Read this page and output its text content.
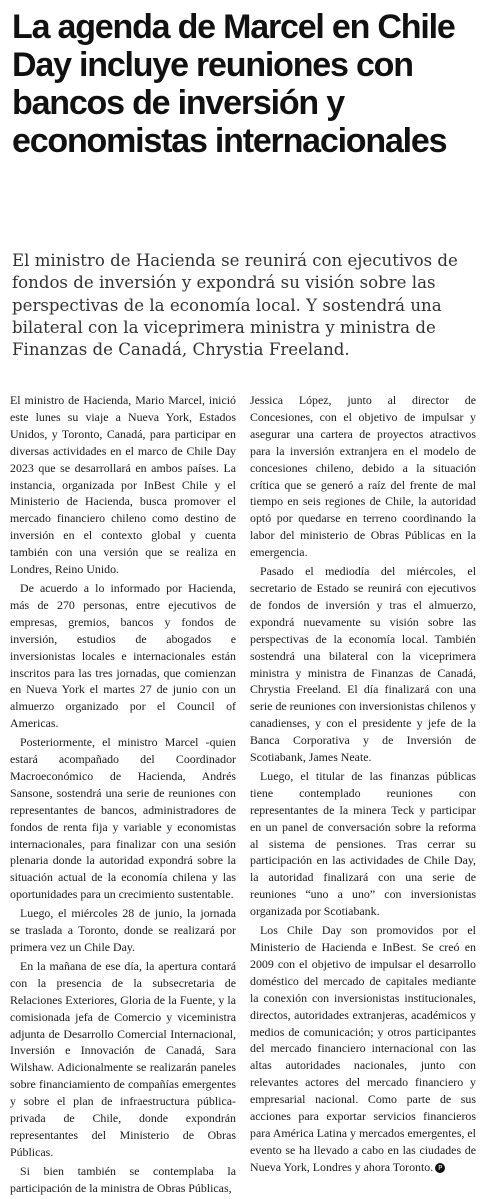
La agenda de Marcel en Chile Day incluye reuniones con bancos de inversión y economistas internacionales

El ministro de Hacienda se reunirá con ejecutivos de fondos de inversión y expondrá su visión sobre las perspectivas de la economía local. Y sostendrá una bilateral con la viceprimera ministra y ministra de Finanzas de Canadá, Chrystia Freeland.

El ministro de Hacienda, Mario Marcel, inició este lunes su viaje a Nueva York, Estados Unidos, y Toronto, Canadá, para participar en diversas actividades en el marco de Chile Day 2023 que se desarrollará en ambos países. La instancia, organizada por InBest Chile y el Ministerio de Hacienda, busca promover el mercado financiero chileno como destino de inversión en el contexto global y cuenta también con una versión que se realiza en Londres, Reino Unido.

De acuerdo a lo informado por Hacienda, más de 270 personas, entre ejecutivos de empresas, gremios, bancos y fondos de inversión, estudios de abogados e inversionistas locales e internacionales están inscritos para las tres jornadas, que comienzan en Nueva York el martes 27 de junio con un almuerzo organizado por el Council of Americas.

Posteriormente, el ministro Marcel -quien estará acompañado del Coordinador Macroeconómico de Hacienda, Andrés Sansone, sostendrá una serie de reuniones con representantes de bancos, administradores de fondos de renta fija y variable y economistas internacionales, para finalizar con una sesión plenaria donde la autoridad expondrá sobre la situación actual de la economía chilena y las oportunidades para un crecimiento sustentable.

Luego, el miércoles 28 de junio, la jornada se traslada a Toronto, donde se realizará por primera vez un Chile Day.

En la mañana de ese día, la apertura contará con la presencia de la subsecretaria de Relaciones Exteriores, Gloria de la Fuente, y la comisionada jefa de Comercio y viceministra adjunta de Desarrollo Comercial Internacional, Inversión e Innovación de Canadá, Sara Wilshaw. Adicionalmente se realizarán paneles sobre financiamiento de compañías emergentes y sobre el plan de infraestructura pública-privada de Chile, donde expondrán representantes del Ministerio de Obras Públicas.

Si bien también se contemplaba la participación de la ministra de Obras Públicas,

Jessica López, junto al director de Concesiones, con el objetivo de impulsar y asegurar una cartera de proyectos atractivos para la inversión extranjera en el modelo de concesiones chileno, debido a la situación crítica que se generó a raíz del frente de mal tiempo en seis regiones de Chile, la autoridad optó por quedarse en terreno coordinando la labor del ministerio de Obras Públicas en la emergencia.

Pasado el mediodía del miércoles, el secretario de Estado se reunirá con ejecutivos de fondos de inversión y tras el almuerzo, expondrá nuevamente su visión sobre las perspectivas de la economía local. También sostendrá una bilateral con la viceprimera ministra y ministra de Finanzas de Canadá, Chrystia Freeland. El día finalizará con una serie de reuniones con inversionistas chilenos y canadienses, y con el presidente y jefe de la Banca Corporativa y de Inversión de Scotiabank, James Neate.

Luego, el titular de las finanzas públicas tiene contemplado reuniones con representantes de la minera Teck y participar en un panel de conversación sobre la reforma al sistema de pensiones. Tras cerrar su participación en las actividades de Chile Day, la autoridad finalizará con una serie de reuniones “uno a uno” con inversionistas organizada por Scotiabank.

Los Chile Day son promovidos por el Ministerio de Hacienda e InBest. Se creó en 2009 con el objetivo de impulsar el desarrollo doméstico del mercado de capitales mediante la conexión con inversionistas institucionales, directos, autoridades extranjeras, académicos y medios de comunicación; y otros participantes del mercado financiero internacional con las altas autoridades nacionales, junto con relevantes actores del mercado financiero y empresarial nacional. Como parte de sus acciones para exportar servicios financieros para América Latina y mercados emergentes, el evento se ha llevado a cabo en las ciudades de Nueva York, Londres y ahora Toronto. P
